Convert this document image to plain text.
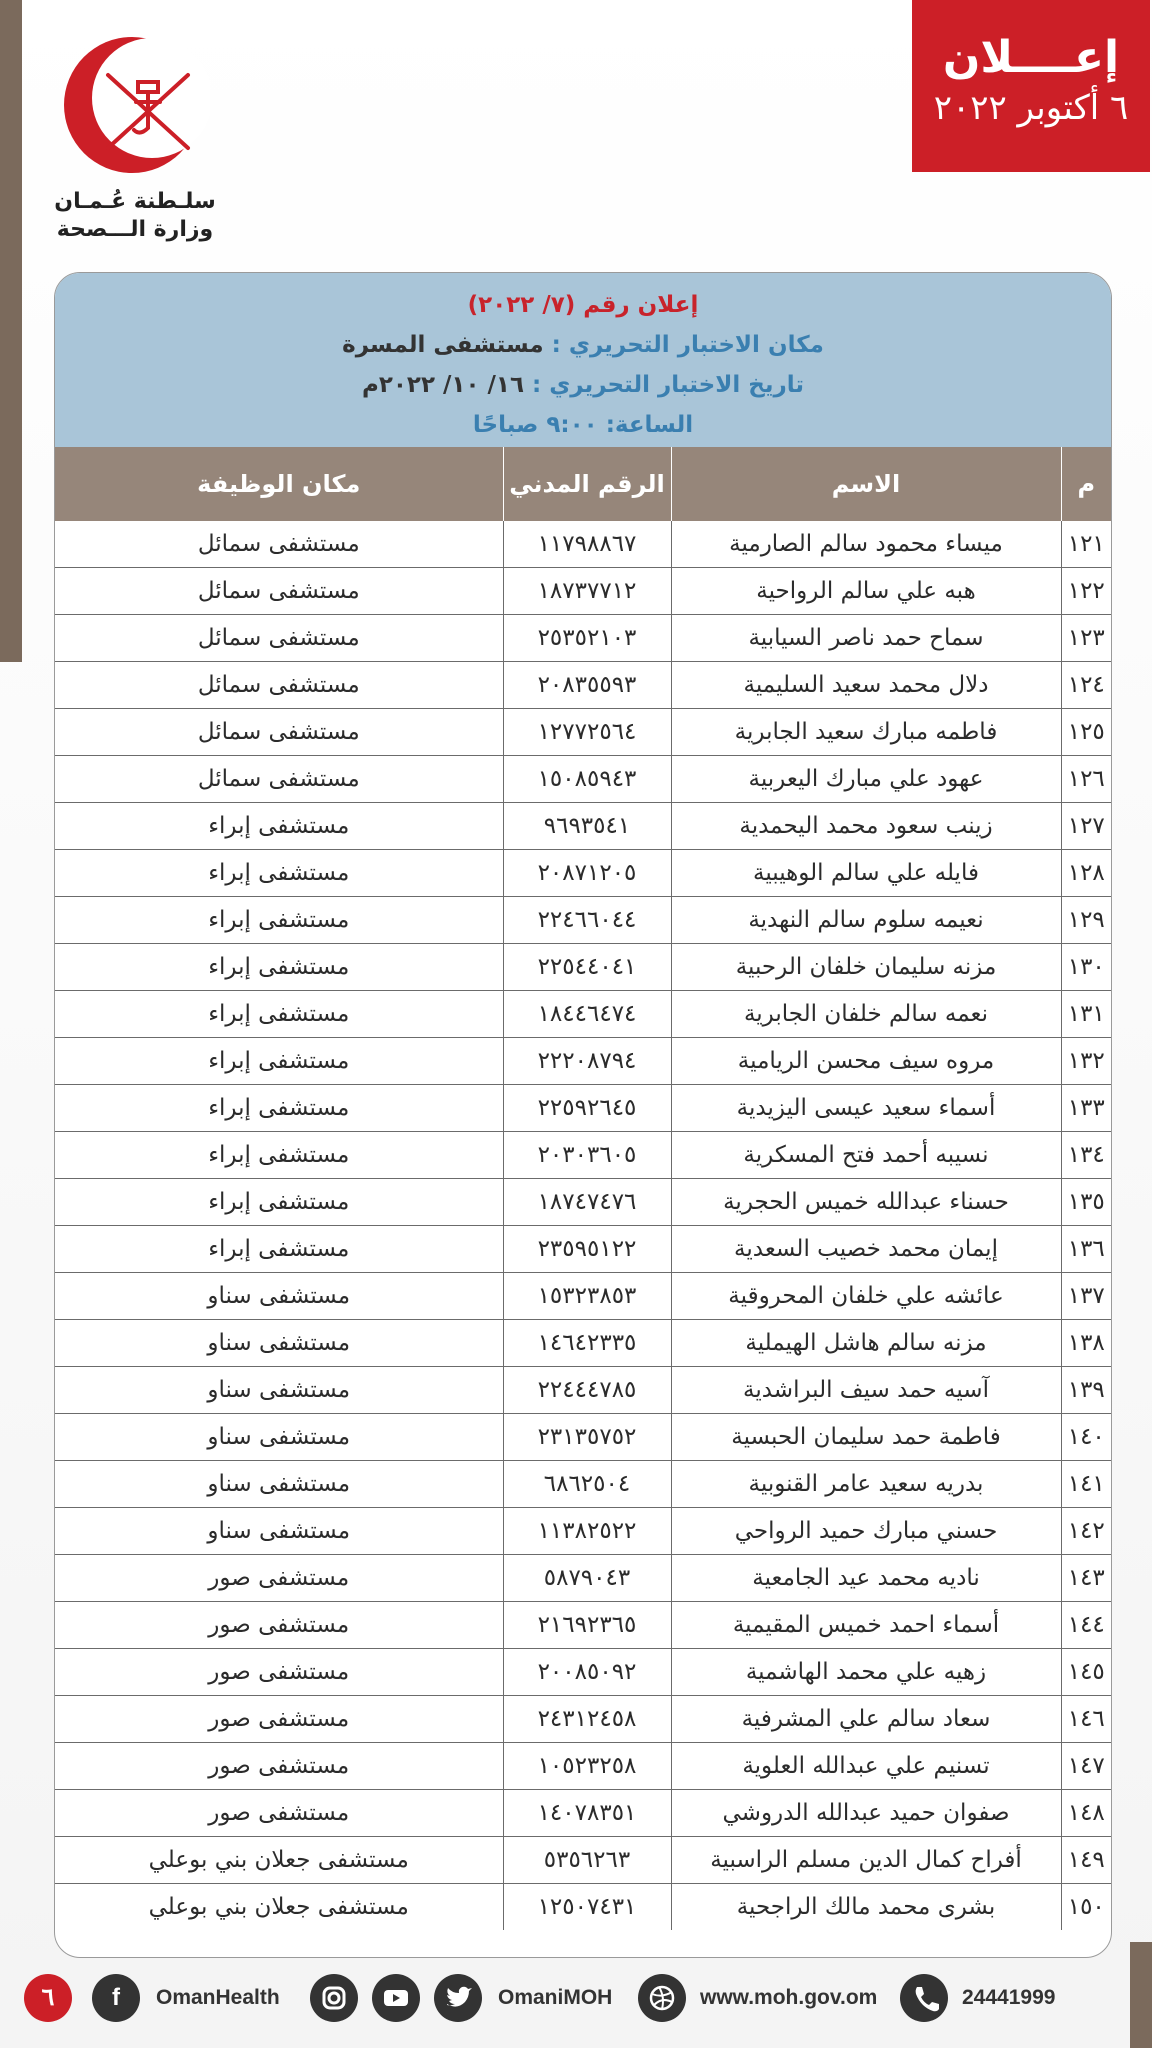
إعــــلان
٦ أكتوبر ٢٠٢٢
سلـطنة عُـمـان
وزارة الـــصحة
إعلان رقم (٧/ ٢٠٢٢)
مكان الاختبار التحريري : مستشفى المسرة
تاريخ الاختبار التحريري : ١٦/ ١٠/ ٢٠٢٢م
الساعة: ٩:٠٠ صباحًا
م	الاسم	الرقم المدني	مكان الوظيفة

١٢١	ميساء محمود سالم الصارمية	١١٧٩٨٨٦٧	مستشفى سمائل
١٢٢	هبه علي سالم الرواحية	١٨٧٣٧٧١٢	مستشفى سمائل
١٢٣	سماح حمد ناصر السيابية	٢٥٣٥٢١٠٣	مستشفى سمائل
١٢٤	دلال محمد سعيد السليمية	٢٠٨٣٥٥٩٣	مستشفى سمائل
١٢٥	فاطمه مبارك سعيد الجابرية	١٢٧٧٢٥٦٤	مستشفى سمائل
١٢٦	عهود علي مبارك اليعربية	١٥٠٨٥٩٤٣	مستشفى سمائل
١٢٧	زينب سعود محمد اليحمدية	٩٦٩٣٥٤١	مستشفى إبراء
١٢٨	فايله علي سالم الوهيبية	٢٠٨٧١٢٠٥	مستشفى إبراء
١٢٩	نعيمه سلوم سالم النهدية	٢٢٤٦٦٠٤٤	مستشفى إبراء
١٣٠	مزنه سليمان خلفان الرحبية	٢٢٥٤٤٠٤١	مستشفى إبراء
١٣١	نعمه سالم خلفان الجابرية	١٨٤٤٦٤٧٤	مستشفى إبراء
١٣٢	مروه سيف محسن الريامية	٢٢٢٠٨٧٩٤	مستشفى إبراء
١٣٣	أسماء سعيد عيسى اليزيدية	٢٢٥٩٢٦٤٥	مستشفى إبراء
١٣٤	نسيبه أحمد فتح المسكرية	٢٠٣٠٣٦٠٥	مستشفى إبراء
١٣٥	حسناء عبدالله خميس الحجرية	١٨٧٤٧٤٧٦	مستشفى إبراء
١٣٦	إيمان محمد خصيب السعدية	٢٣٥٩٥١٢٢	مستشفى إبراء
١٣٧	عائشه علي خلفان المحروقية	١٥٣٢٣٨٥٣	مستشفى سناو
١٣٨	مزنه سالم هاشل الهيملية	١٤٦٤٢٣٣٥	مستشفى سناو
١٣٩	آسيه حمد سيف البراشدية	٢٢٤٤٤٧٨٥	مستشفى سناو
١٤٠	فاطمة حمد سليمان الحبسية	٢٣١٣٥٧٥٢	مستشفى سناو
١٤١	بدريه سعيد عامر القنوبية	٦٨٦٢٥٠٤	مستشفى سناو
١٤٢	حسني مبارك حميد الرواحي	١١٣٨٢٥٢٢	مستشفى سناو
١٤٣	ناديه محمد عيد الجامعية	٥٨٧٩٠٤٣	مستشفى صور
١٤٤	أسماء احمد خميس المقيمية	٢١٦٩٢٣٦٥	مستشفى صور
١٤٥	زهيه علي محمد الهاشمية	٢٠٠٨٥٠٩٢	مستشفى صور
١٤٦	سعاد سالم علي المشرفية	٢٤٣١٢٤٥٨	مستشفى صور
١٤٧	تسنيم علي عبدالله العلوية	١٠٥٢٣٢٥٨	مستشفى صور
١٤٨	صفوان حميد عبدالله الدروشي	١٤٠٧٨٣٥١	مستشفى صور
١٤٩	أفراح كمال الدين مسلم الراسبية	٥٣٥٦٢٦٣	مستشفى جعلان بني بوعلي
١٥٠	بشرى محمد مالك الراجحية	١٢٥٠٧٤٣١	مستشفى جعلان بني بوعلي
٦	f	OmanHealth	OmaniMOH	www.moh.gov.om	24441999
